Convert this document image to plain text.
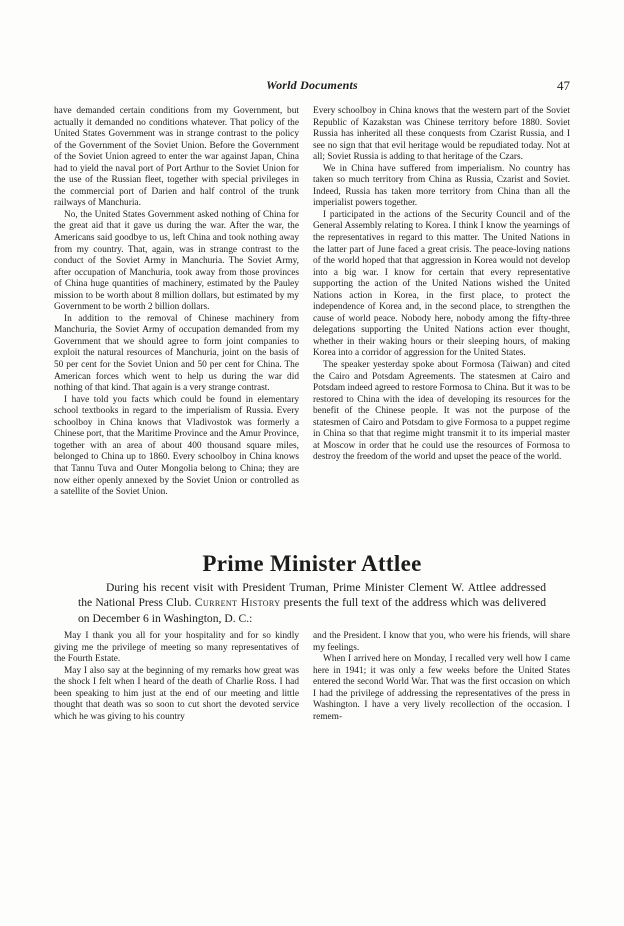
World Documents	47

have demanded certain conditions from my Government, but actually it demanded no conditions whatever. That policy of the United States Government was in strange contrast to the policy of the Government of the Soviet Union. Before the Government of the Soviet Union agreed to enter the war against Japan, China had to yield the naval port of Port Arthur to the Soviet Union for the use of the Russian fleet, together with special privileges in the commercial port of Darien and half control of the trunk railways of Manchuria.

No, the United States Government asked nothing of China for the great aid that it gave us during the war. After the war, the Americans said goodbye to us, left China and took nothing away from my country. That, again, was in strange contrast to the conduct of the Soviet Army in Manchuria. The Soviet Army, after occupation of Manchuria, took away from those provinces of China huge quantities of machinery, estimated by the Pauley mission to be worth about 8 million dollars, but estimated by my Government to be worth 2 billion dollars.

In addition to the removal of Chinese machinery from Manchuria, the Soviet Army of occupation demanded from my Government that we should agree to form joint companies to exploit the natural resources of Manchuria, joint on the basis of 50 per cent for the Soviet Union and 50 per cent for China. The American forces which went to help us during the war did nothing of that kind. That again is a very strange contrast.

I have told you facts which could be found in elementary school textbooks in regard to the imperialism of Russia. Every schoolboy in China knows that Vladivostok was formerly a Chinese port, that the Maritime Province and the Amur Province, together with an area of about 400 thousand square miles, belonged to China up to 1860. Every schoolboy in China knows that Tannu Tuva and Outer Mongolia belong to China; they are now either openly annexed by the Soviet Union or controlled as a satellite of the Soviet Union.

Every schoolboy in China knows that the western part of the Soviet Republic of Kazakstan was Chinese territory before 1880. Soviet Russia has inherited all these conquests from Czarist Russia, and I see no sign that that evil heritage would be repudiated today. Not at all; Soviet Russia is adding to that heritage of the Czars.

We in China have suffered from imperialism. No country has taken so much territory from China as Russia, Czarist and Soviet. Indeed, Russia has taken more territory from China than all the imperialist powers together.

I participated in the actions of the Security Council and of the General Assembly relating to Korea. I think I know the yearnings of the representatives in regard to this matter. The United Nations in the latter part of June faced a great crisis. The peace-loving nations of the world hoped that that aggression in Korea would not develop into a big war. I know for certain that every representative supporting the action of the United Nations wished the United Nations action in Korea, in the first place, to protect the independence of Korea and, in the second place, to strengthen the cause of world peace. Nobody here, nobody among the fifty-three delegations supporting the United Nations action ever thought, whether in their waking hours or their sleeping hours, of making Korea into a corridor of aggression for the United States.

The speaker yesterday spoke about Formosa (Taiwan) and cited the Cairo and Potsdam Agreements. The statesmen at Cairo and Potsdam indeed agreed to restore Formosa to China. But it was to be restored to China with the idea of developing its resources for the benefit of the Chinese people. It was not the purpose of the statesmen of Cairo and Potsdam to give Formosa to a puppet regime in China so that that regime might transmit it to its imperial master at Moscow in order that he could use the resources of Formosa to destroy the freedom of the world and upset the peace of the world.

Prime Minister Attlee
During his recent visit with President Truman, Prime Minister Clement W. Attlee addressed the National Press Club. Current History presents the full text of the address which was delivered on December 6 in Washington, D. C.:

May I thank you all for your hospitality and for so kindly giving me the privilege of meeting so many representatives of the Fourth Estate.

May I also say at the beginning of my remarks how great was the shock I felt when I heard of the death of Charlie Ross. I had been speaking to him just at the end of our meeting and little thought that death was so soon to cut short the devoted service which he was giving to his country

and the President. I know that you, who were his friends, will share my feelings.

When I arrived here on Monday, I recalled very well how I came here in 1941; it was only a few weeks before the United States entered the second World War. That was the first occasion on which I had the privilege of addressing the representatives of the press in Washington. I have a very lively recollection of the occasion. I remem-
